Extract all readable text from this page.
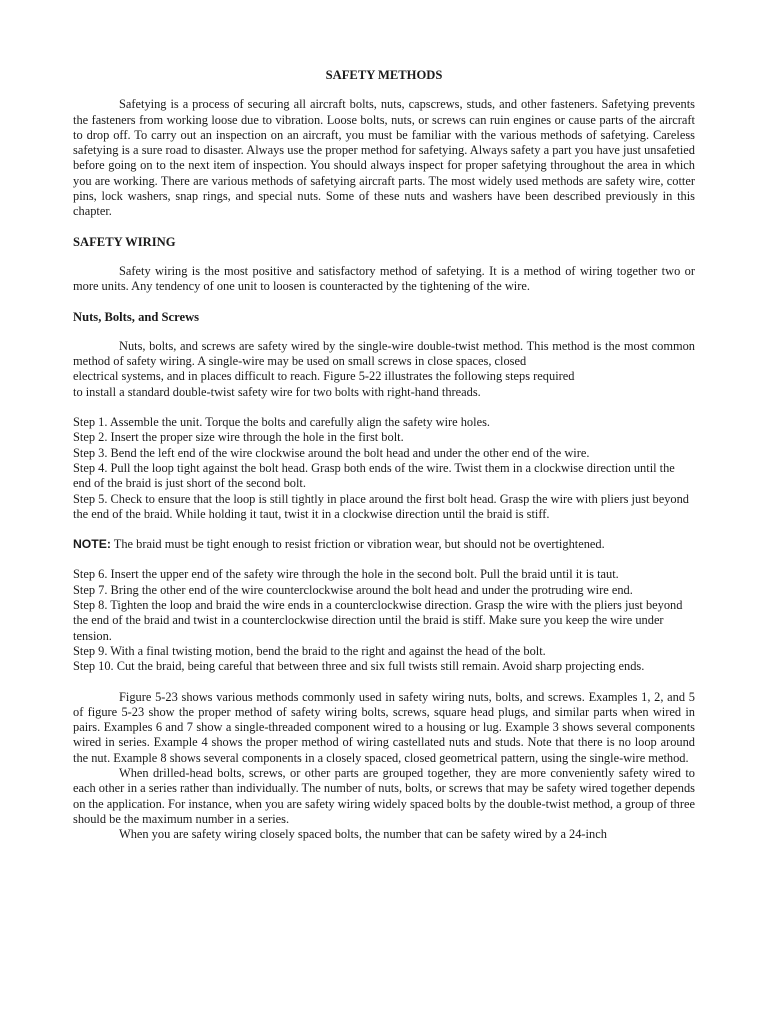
SAFETY METHODS

Safetying is a process of securing all aircraft bolts, nuts, capscrews, studs, and other fasteners. Safetying prevents the fasteners from working loose due to vibration. Loose bolts, nuts, or screws can ruin engines or cause parts of the aircraft to drop off. To carry out an inspection on an aircraft, you must be familiar with the various methods of safetying. Careless safetying is a sure road to disaster. Always use the proper method for safetying. Always safety a part you have just unsafetied before going on to the next item of inspection. You should always inspect for proper safetying throughout the area in which you are working. There are various methods of safetying aircraft parts. The most widely used methods are safety wire, cotter pins, lock washers, snap rings, and special nuts. Some of these nuts and washers have been described previously in this chapter.

SAFETY WIRING

Safety wiring is the most positive and satisfactory method of safetying. It is a method of wiring together two or more units. Any tendency of one unit to loosen is counteracted by the tightening of the wire.

Nuts, Bolts, and Screws

Nuts, bolts, and screws are safety wired by the single-wire double-twist method. This method is the most common method of safety wiring. A single-wire may be used on small screws in close spaces, closed

electrical systems, and in places difficult to reach. Figure 5-22 illustrates the following steps required

to install a standard double-twist safety wire for two bolts with right-hand threads.

Step 1. Assemble the unit. Torque the bolts and carefully align the safety wire holes.

Step 2. Insert the proper size wire through the hole in the first bolt.

Step 3. Bend the left end of the wire clockwise around the bolt head and under the other end of the wire.

Step 4. Pull the loop tight against the bolt head. Grasp both ends of the wire. Twist them in a clockwise direction until the end of the braid is just short of the second bolt.

Step 5. Check to ensure that the loop is still tightly in place around the first bolt head. Grasp the wire with pliers just beyond the end of the braid. While holding it taut, twist it in a clockwise direction until the braid is stiff.

NOTE: The braid must be tight enough to resist friction or vibration wear, but should not be overtightened.

Step 6. Insert the upper end of the safety wire through the hole in the second bolt. Pull the braid until it is taut.

Step 7. Bring the other end of the wire counterclockwise around the bolt head and under the protruding wire end.

Step 8. Tighten the loop and braid the wire ends in a counterclockwise direction. Grasp the wire with the pliers just beyond the end of the braid and twist in a counterclockwise direction until the braid is stiff. Make sure you keep the wire under tension.

Step 9. With a final twisting motion, bend the braid to the right and against the head of the bolt.

Step 10. Cut the braid, being careful that between three and six full twists still remain. Avoid sharp projecting ends.

Figure 5-23 shows various methods commonly used in safety wiring nuts, bolts, and screws. Examples 1, 2, and 5 of figure 5-23 show the proper method of safety wiring bolts, screws, square head plugs, and similar parts when wired in pairs. Examples 6 and 7 show a single-threaded component wired to a housing or lug. Example 3 shows several components wired in series. Example 4 shows the proper method of wiring castellated nuts and studs. Note that there is no loop around the nut. Example 8 shows several components in a closely spaced, closed geometrical pattern, using the single-wire method.

When drilled-head bolts, screws, or other parts are grouped together, they are more conveniently safety wired to each other in a series rather than individually. The number of nuts, bolts, or screws that may be safety wired together depends on the application. For instance, when you are safety wiring widely spaced bolts by the double-twist method, a group of three should be the maximum number in a series.

When you are safety wiring closely spaced bolts, the number that can be safety wired by a 24-inch
